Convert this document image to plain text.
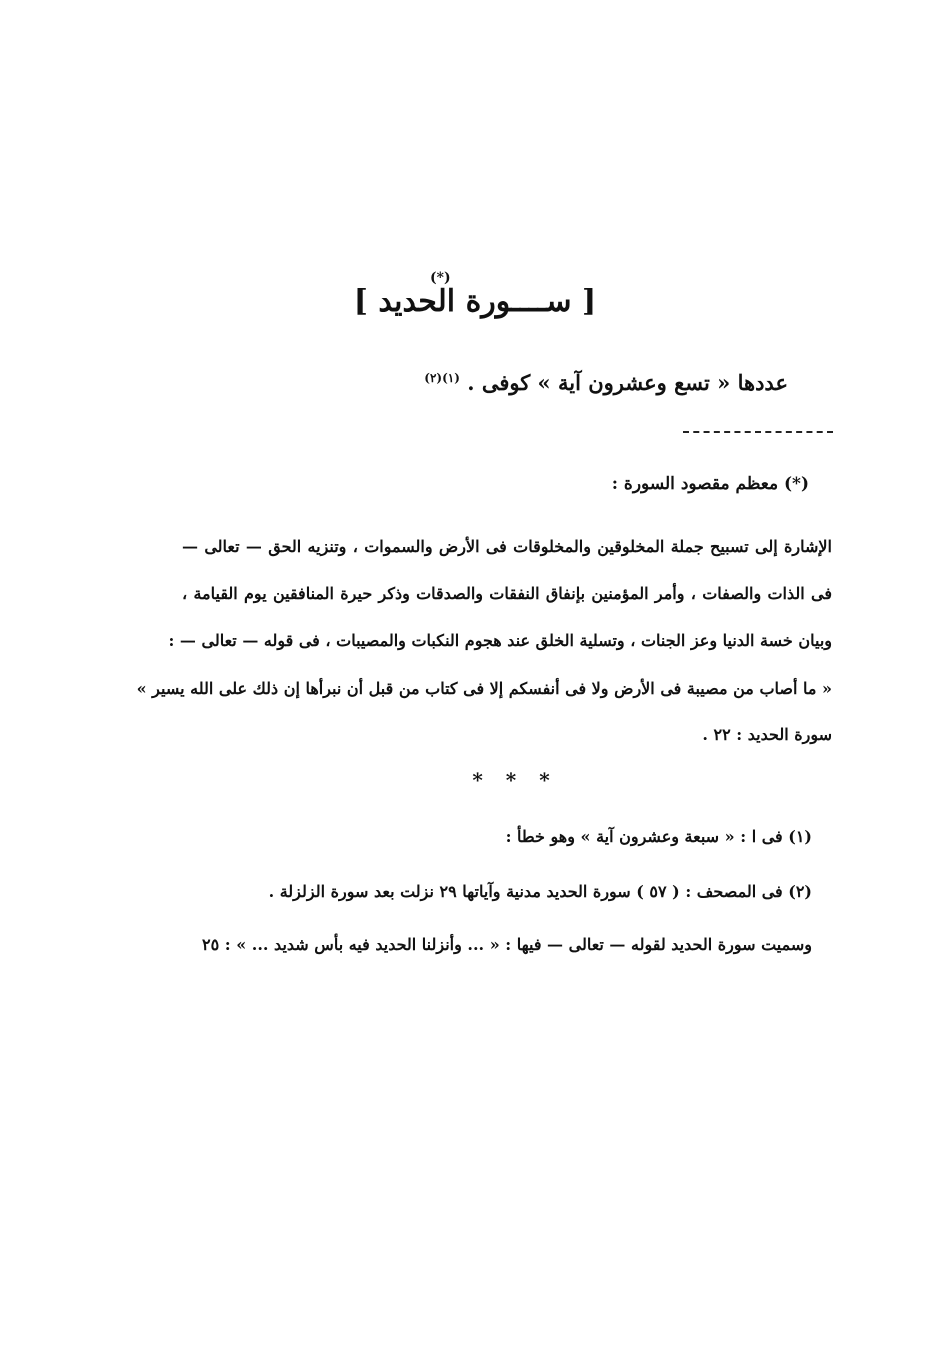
(*)
[ ســــورة الحديد ]
عددها « تسع وعشرون آية » كوفى . $^{(١)(٢)}$
(*) معظم مقصود السورة :
الإشارة إلى تسبيح جملة المخلوقين والمخلوقات فى الأرض والسموات ، وتنزيه الحق — تعالى —
فى الذات والصفات ، وأمر المؤمنين بإنفاق النفقات والصدقات وذكر حيرة المنافقين يوم القيامة ،
وبيان خسة الدنيا وعز الجنات ، وتسلية الخلق عند هجوم النكبات والمصيبات ، فى قوله — تعالى — :
« ما أصاب من مصيبة فى الأرض ولا فى أنفسكم إلا فى كتاب من قبل أن نبرأها إن ذلك على الله يسير »
سورة الحديد : ٢٢ .
* * *
(١) فى ا : « سبعة وعشرون آية » وهو خطأ :
(٢) فى المصحف : ( ٥٧ ) سورة الحديد مدنية وآياتها ٢٩ نزلت بعد سورة الزلزلة .
وسميت سورة الحديد لقوله — تعالى — فيها : « ... وأنزلنا الحديد فيه بأس شديد ... » : ٢٥
